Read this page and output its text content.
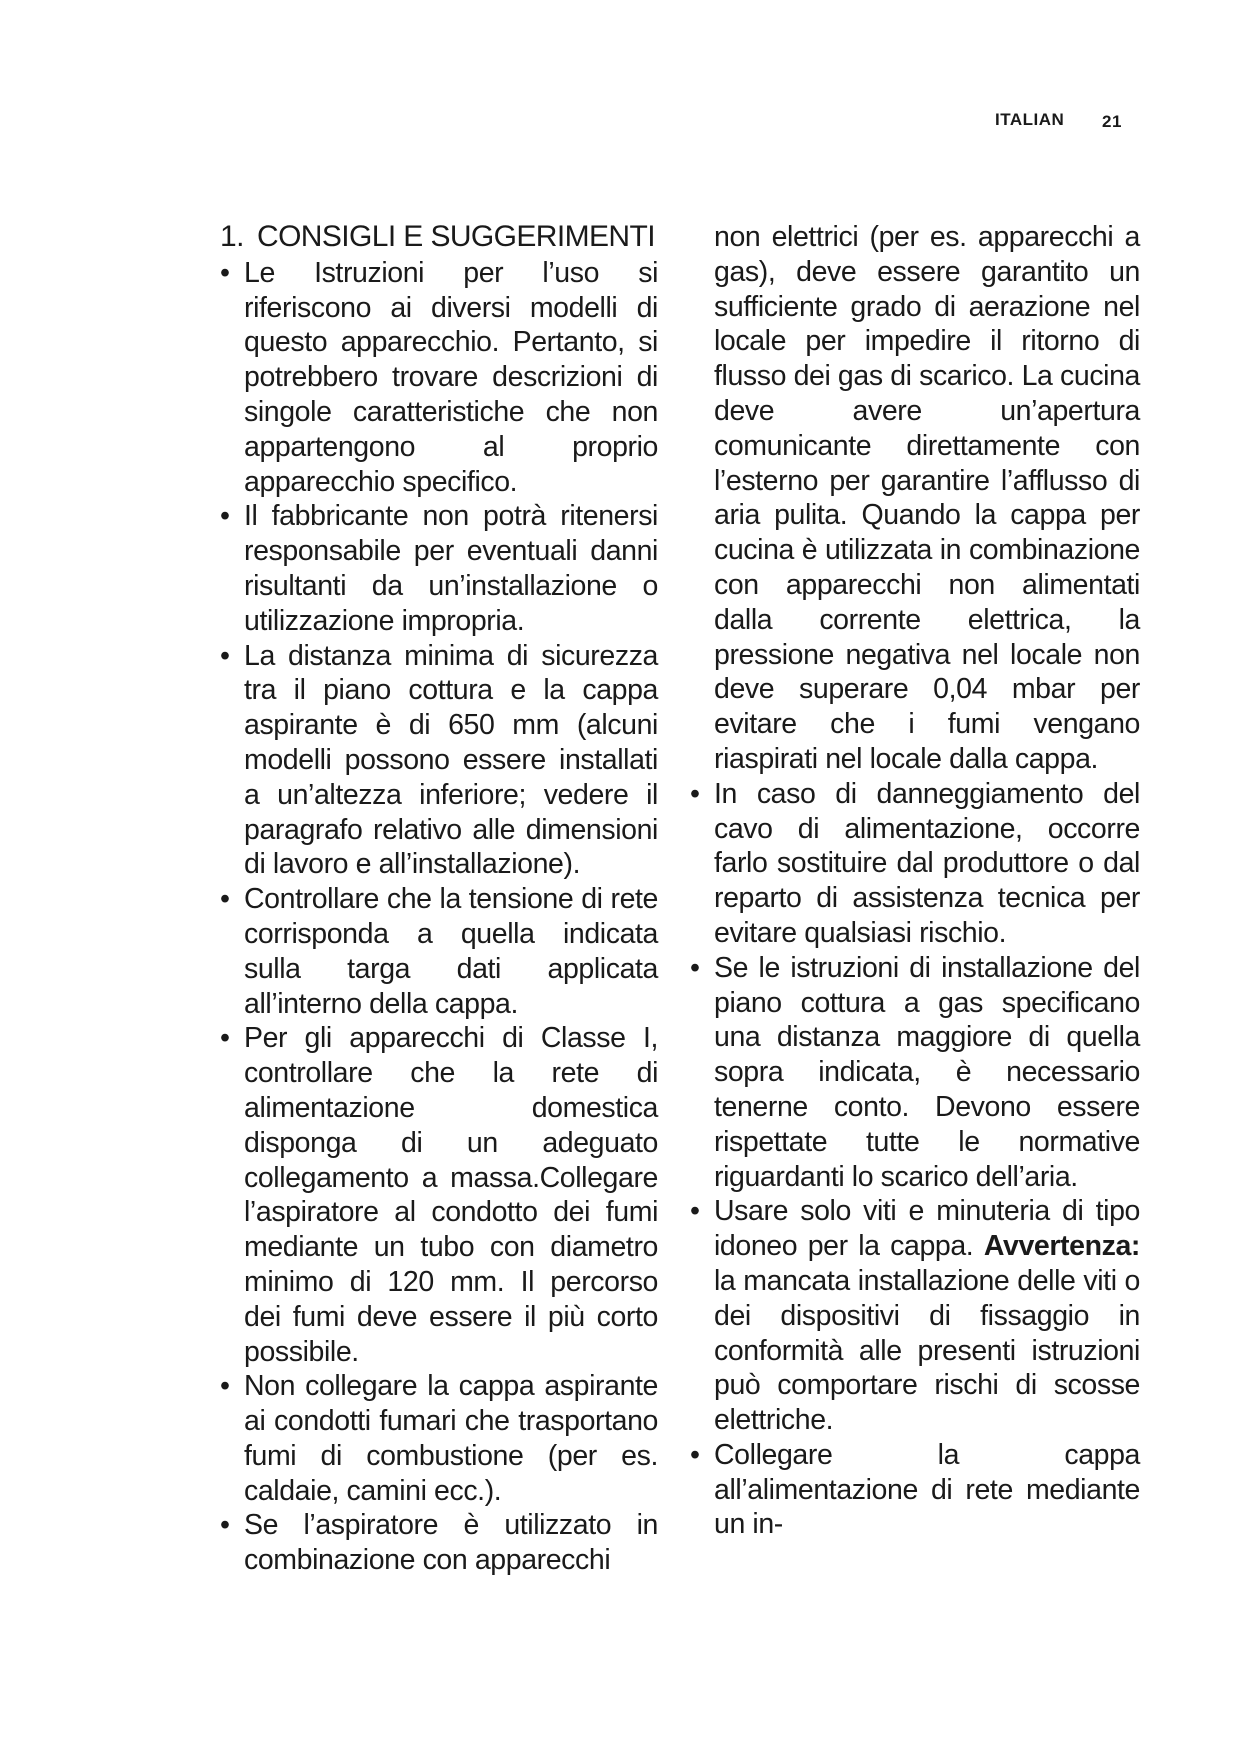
ITALIAN 21
1. CONSIGLI E SUGGERIMENTI
• Le Istruzioni per l’uso si riferiscono ai diversi modelli di questo apparecchio. Pertanto, si potrebbero trovare descrizioni di singole caratteristiche che non appartengono al proprio apparecchio specifico.
• Il fabbricante non potrà ritenersi responsabile per eventuali danni risultanti da un’installazione o utilizzazione impropria.
• La distanza minima di sicurezza tra il piano cottura e la cappa aspirante è di 650 mm (alcuni modelli possono essere installati a un’altezza inferiore; vedere il paragrafo relativo alle dimensioni di lavoro e all’installazione).
• Controllare che la tensione di rete corrisponda a quella indicata sulla targa dati applicata all’interno della cappa.
• Per gli apparecchi di Classe I, controllare che la rete di alimentazione domestica disponga di un adeguato collegamento a massa.Collegare l’aspiratore al condotto dei fumi mediante un tubo con diametro minimo di 120 mm. Il percorso dei fumi deve essere il più corto possibile.
• Non collegare la cappa aspirante ai condotti fumari che trasportano fumi di combustione (per es. caldaie, camini ecc.).
• Se l’aspiratore è utilizzato in combinazione con apparecchi
non elettrici (per es. apparecchi a gas), deve essere garantito un sufficiente grado di aerazione nel locale per impedire il ritorno di flusso dei gas di scarico. La cucina deve avere un’apertura comunicante direttamente con l’esterno per garantire l’afflusso di aria pulita. Quando la cappa per cucina è utilizzata in combinazione con apparecchi non alimentati dalla corrente elettrica, la pressione negativa nel locale non deve superare 0,04 mbar per evitare che i fumi vengano riaspirati nel locale dalla cappa.
• In caso di danneggiamento del cavo di alimentazione, occorre farlo sostituire dal produttore o dal reparto di assistenza tecnica per evitare qualsiasi rischio.
• Se le istruzioni di installazione del piano cottura a gas specificano una distanza maggiore di quella sopra indicata, è necessario tenerne conto. Devono essere rispettate tutte le normative riguardanti lo scarico dell’aria.
• Usare solo viti e minuteria di tipo idoneo per la cappa. Avvertenza: la mancata installazione delle viti o dei dispositivi di fissaggio in conformità alle presenti istruzioni può comportare rischi di scosse elettriche.
• Collegare la cappa all’alimentazione di rete mediante un in-
